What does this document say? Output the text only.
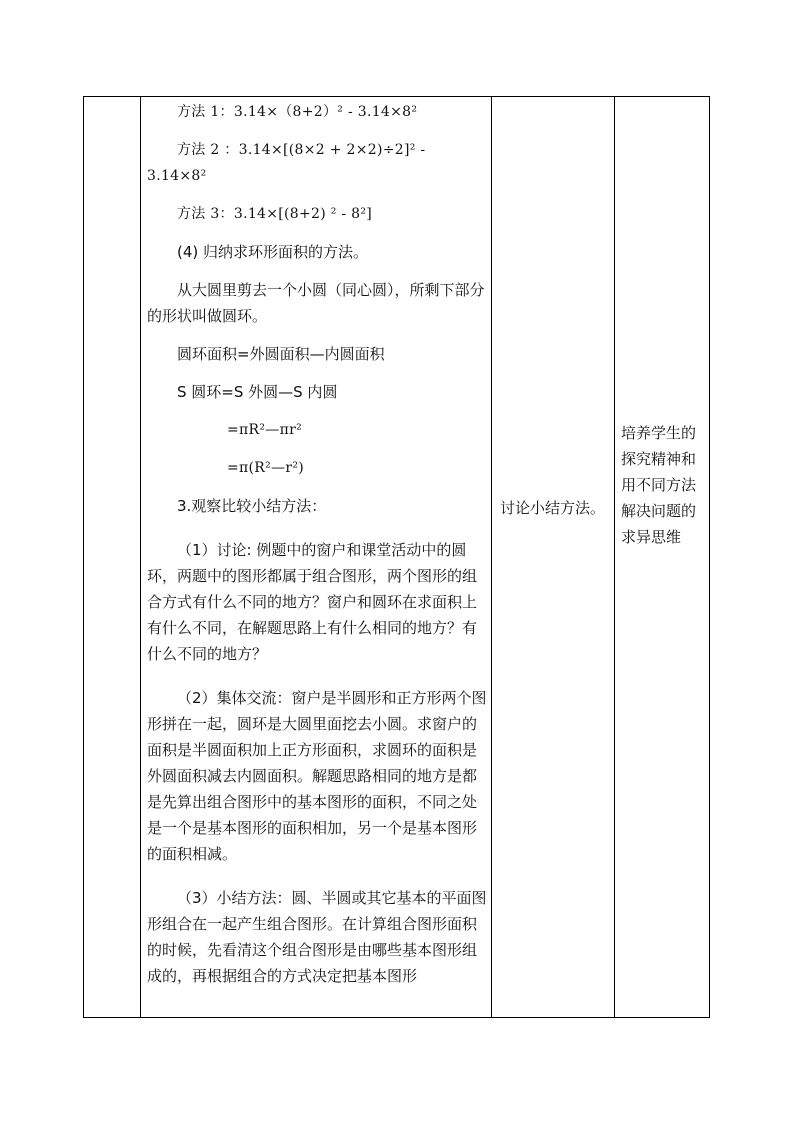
方法 1：3.14×（8+2）² - 3.14×8²

方法 2 ：3.14×[(8×2 + 2×2)÷2]² - 3.14×8²

方法 3：3.14×[(8+2) ² - 8²]

(4) 归纳求环形面积的方法。

从大圆里剪去一个小圆（同心圆），所剩下部分的形状叫做圆环。

圆环面积=外圆面积—内圆面积

S 圆环=S 外圆—S 内圆

=πR²—πr²

=π(R²—r²)

3.观察比较小结方法：

（1）讨论: 例题中的窗户和课堂活动中的圆环，两题中的图形都属于组合图形，两个图形的组合方式有什么不同的地方？窗户和圆环在求面积上有什么不同，在解题思路上有什么相同的地方？有什么不同的地方？

（2）集体交流：窗户是半圆形和正方形两个图形拼在一起，圆环是大圆里面挖去小圆。求窗户的面积是半圆面积加上正方形面积，求圆环的面积是外圆面积减去内圆面积。解题思路相同的地方是都是先算出组合图形中的基本图形的面积，不同之处是一个是基本图形的面积相加，另一个是基本图形的面积相减。

（3）小结方法：圆、半圆或其它基本的平面图形组合在一起产生组合图形。在计算组合图形面积的时候，先看清这个组合图形是由哪些基本图形组成的，再根据组合的方式决定把基本图形

讨论小结方法。
培养学生的探究精神和用不同方法解决问题的求异思维
